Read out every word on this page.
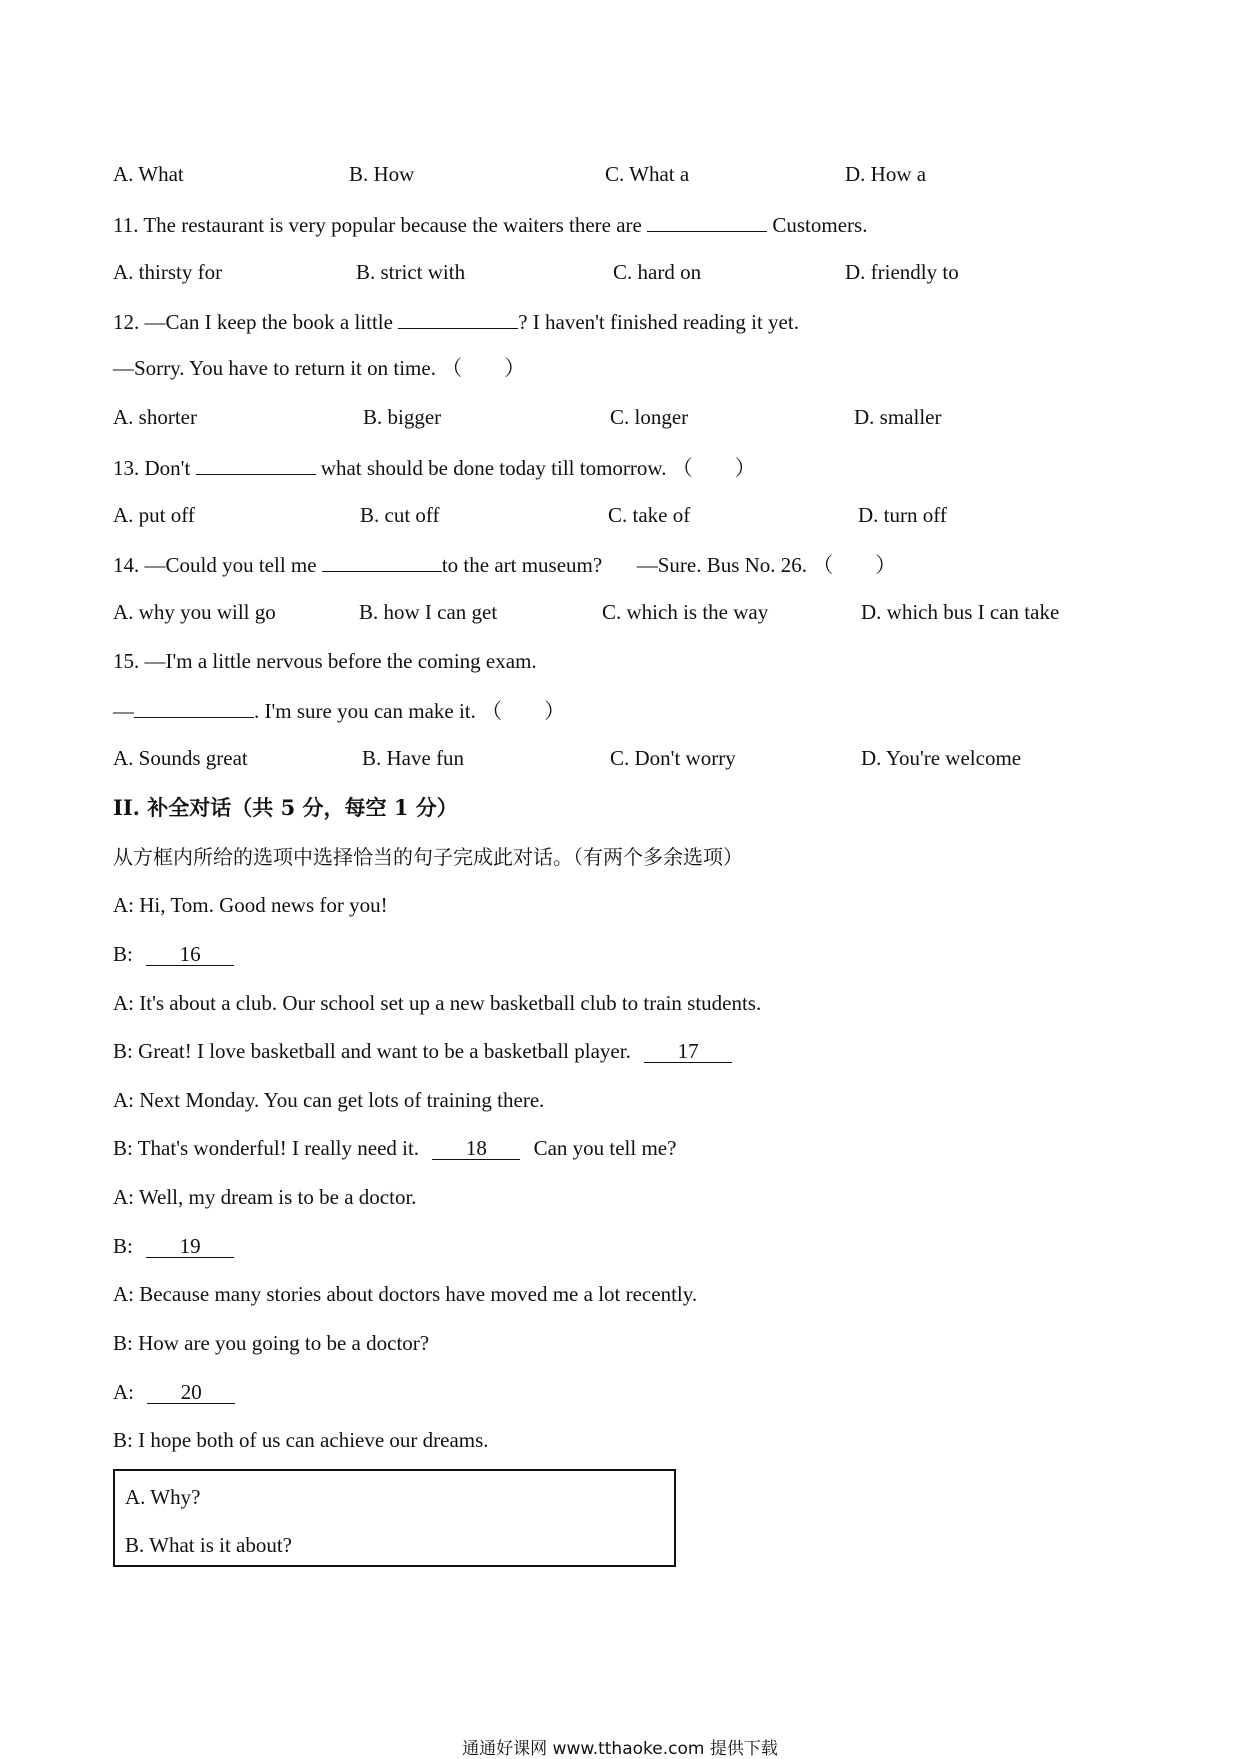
A. What	B. How	C. What a	D. How a
11. The restaurant is very popular because the waiters there are	Customers.
A. thirsty for	B. strict with	C. hard on	D. friendly to
12. —Can I keep the book a little	? I haven't finished reading it yet.
—Sorry. You have to return it on time. （　　）
A. shorter	B. bigger	C. longer	D. smaller
13. Don't	what should be done today till tomorrow. （　　）
A. put off	B. cut off	C. take of	D. turn off
14. —Could you tell me	to the art museum? —Sure. Bus No. 26. （　　）
A. why you will go	B. how I can get	C. which is the way	D. which bus I can take
15. —I'm a little nervous before the coming exam.
—	. I'm sure you can make it. （　　）
A. Sounds great	B. Have fun	C. Don't worry	D. You're welcome
II. 补全对话（共 5 分，每空 1 分）
从方框内所给的选项中选择恰当的句子完成此对话。（有两个多余选项）
A: Hi, Tom. Good news for you!
B: 16
A: It's about a club. Our school set up a new basketball club to train students.
B: Great! I love basketball and want to be a basketball player. 17
A: Next Monday. You can get lots of training there.
B: That's wonderful! I really need it. 18 Can you tell me?
A: Well, my dream is to be a doctor.
B: 19
A: Because many stories about doctors have moved me a lot recently.
B: How are you going to be a doctor?
A: 20
B: I hope both of us can achieve our dreams.
A. Why?
B. What is it about?
通通好课网 www.tthaoke.com 提供下载
